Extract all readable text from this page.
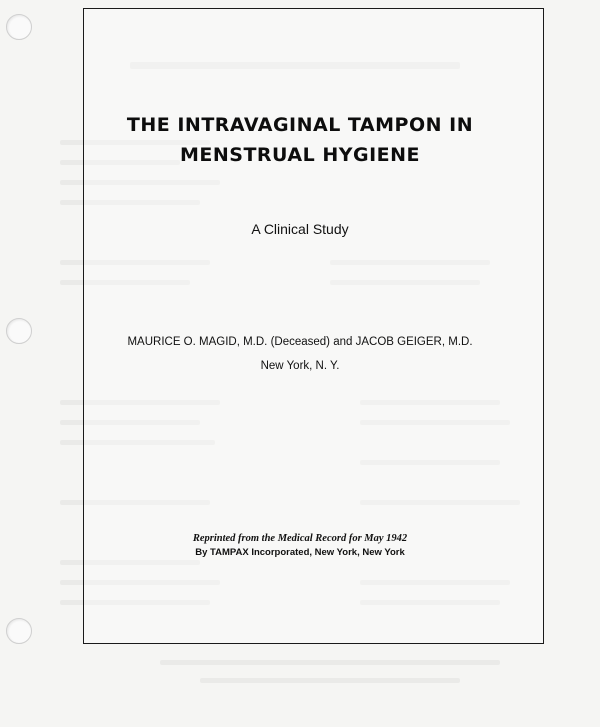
THE INTRAVAGINAL TAMPON IN
MENSTRUAL HYGIENE
A Clinical Study
MAURICE O. MAGID, M.D. (Deceased) and JACOB GEIGER, M.D.
New York, N. Y.
Reprinted from the Medical Record for May 1942
By TAMPAX Incorporated, New York, New York
